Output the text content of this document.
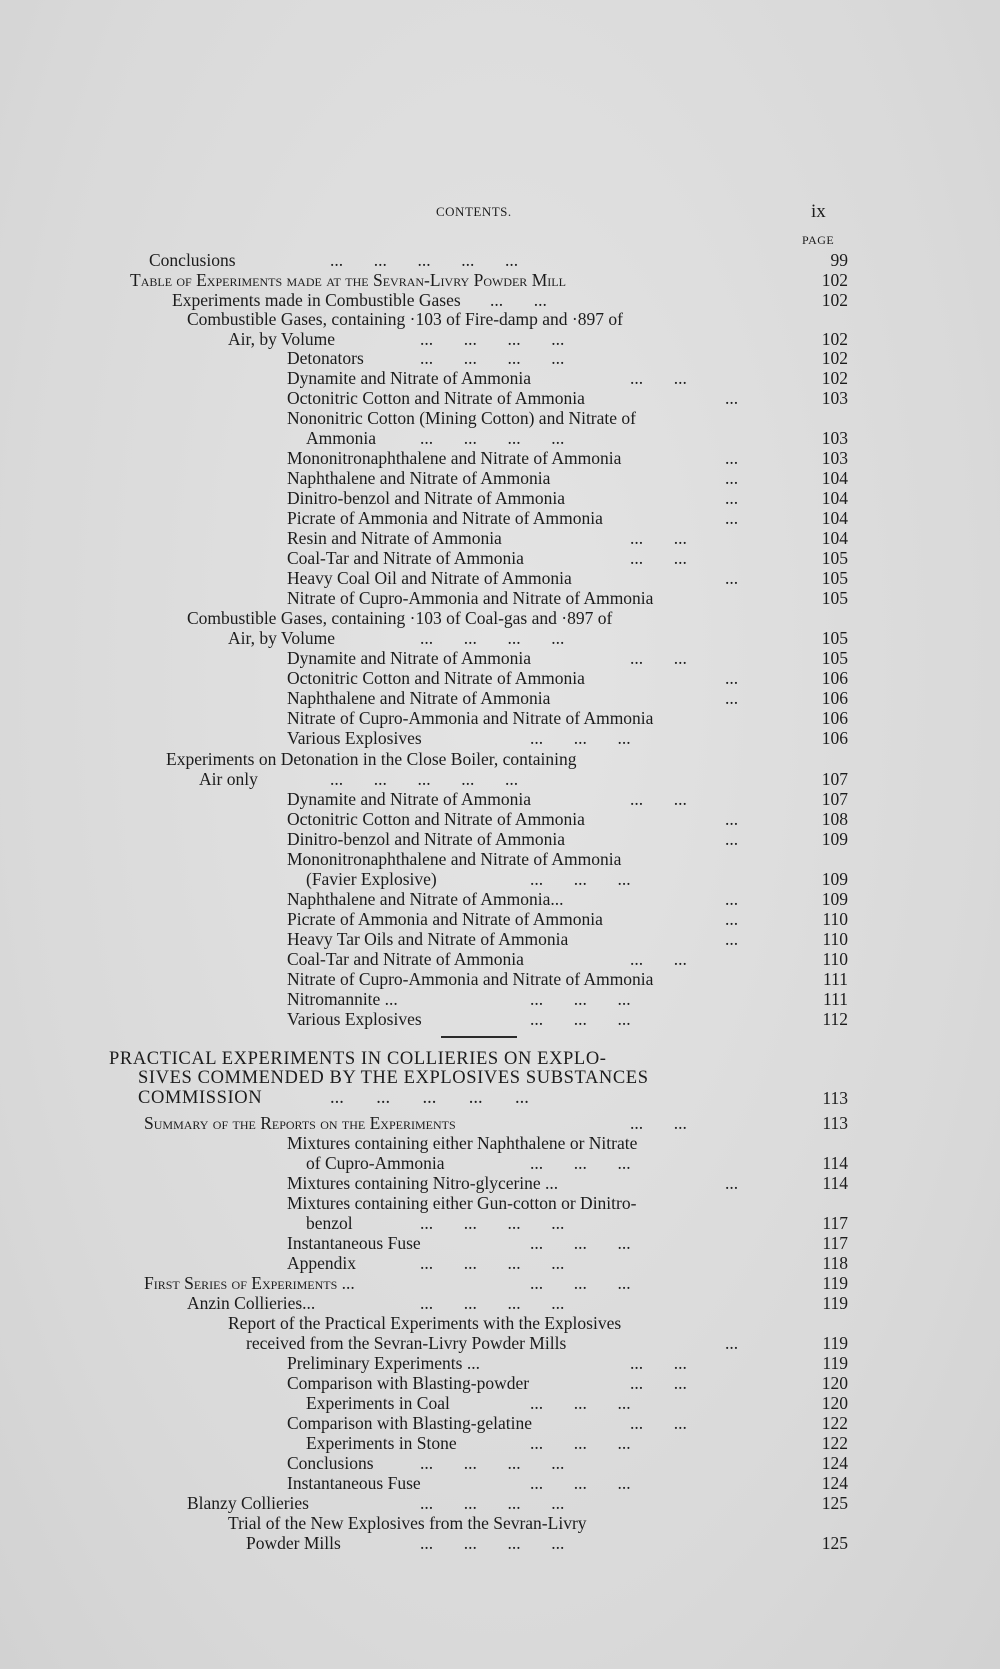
CONTENTS.	ix
PAGE
Conclusions	...       ...       ...       ...       ...	99
Table of Experiments made at the Sevran-Livry Powder Mill	102
Experiments made in Combustible Gases ...       ...	102
Combustible Gases, containing ·103 of Fire-damp and ·897 of
Air, by Volume	...       ...       ...       ...	102
Detonators	...       ...       ...       ...	102
Dynamite and Nitrate of Ammonia	...       ...	102
Octonitric Cotton and Nitrate of Ammonia	...	103
Nononitric Cotton (Mining Cotton) and Nitrate of
Ammonia	...       ...       ...       ...	103
Mononitronaphthalene and Nitrate of Ammonia	...	103
Naphthalene and Nitrate of Ammonia	...	104
Dinitro-benzol and Nitrate of Ammonia	...	104
Picrate of Ammonia and Nitrate of Ammonia	...	104
Resin and Nitrate of Ammonia	...       ...	104
Coal-Tar and Nitrate of Ammonia	...       ...	105
Heavy Coal Oil and Nitrate of Ammonia	...	105
Nitrate of Cupro-Ammonia and Nitrate of Ammonia	105
Combustible Gases, containing ·103 of Coal-gas and ·897 of
Air, by Volume	...       ...       ...       ...	105
Dynamite and Nitrate of Ammonia	...       ...	105
Octonitric Cotton and Nitrate of Ammonia	...	106
Naphthalene and Nitrate of Ammonia	...	106
Nitrate of Cupro-Ammonia and Nitrate of Ammonia	106
Various Explosives	...       ...       ...	106
Experiments on Detonation in the Close Boiler, containing
Air only	...       ...       ...       ...       ...	107
Dynamite and Nitrate of Ammonia	...       ...	107
Octonitric Cotton and Nitrate of Ammonia	...	108
Dinitro-benzol and Nitrate of Ammonia	...	109
Mononitronaphthalene and Nitrate of Ammonia
(Favier Explosive)	...       ...       ...	109
Naphthalene and Nitrate of Ammonia...	...	109
Picrate of Ammonia and Nitrate of Ammonia	...	110
Heavy Tar Oils and Nitrate of Ammonia	...	110
Coal-Tar and Nitrate of Ammonia	...       ...	110
Nitrate of Cupro-Ammonia and Nitrate of Ammonia	111
Nitromannite ...	...       ...       ...	111
Various Explosives	...       ...       ...	112
PRACTICAL EXPERIMENTS IN COLLIERIES ON EXPLO-
SIVES COMMENDED BY THE EXPLOSIVES SUBSTANCES
COMMISSION	...       ...       ...       ...       ...	113
Summary of the Reports on the Experiments	...       ...	113
Mixtures containing either Naphthalene or Nitrate
of Cupro-Ammonia	...       ...       ...	114
Mixtures containing Nitro-glycerine ...	...	114
Mixtures containing either Gun-cotton or Dinitro-
benzol	...       ...       ...       ...	117
Instantaneous Fuse	...       ...       ...	117
Appendix	...       ...       ...       ...	118
First Series of Experiments ...	...       ...       ...	119
Anzin Collieries...	...       ...       ...       ...	119
Report of the Practical Experiments with the Explosives
received from the Sevran-Livry Powder Mills	...	119
Preliminary Experiments ...	...       ...	119
Comparison with Blasting-powder	...       ...	120
Experiments in Coal	...       ...       ...	120
Comparison with Blasting-gelatine	...       ...	122
Experiments in Stone	...       ...       ...	122
Conclusions	...       ...       ...       ...	124
Instantaneous Fuse	...       ...       ...	124
Blanzy Collieries	...       ...       ...       ...	125
Trial of the New Explosives from the Sevran-Livry
Powder Mills	...       ...       ...       ...	125
